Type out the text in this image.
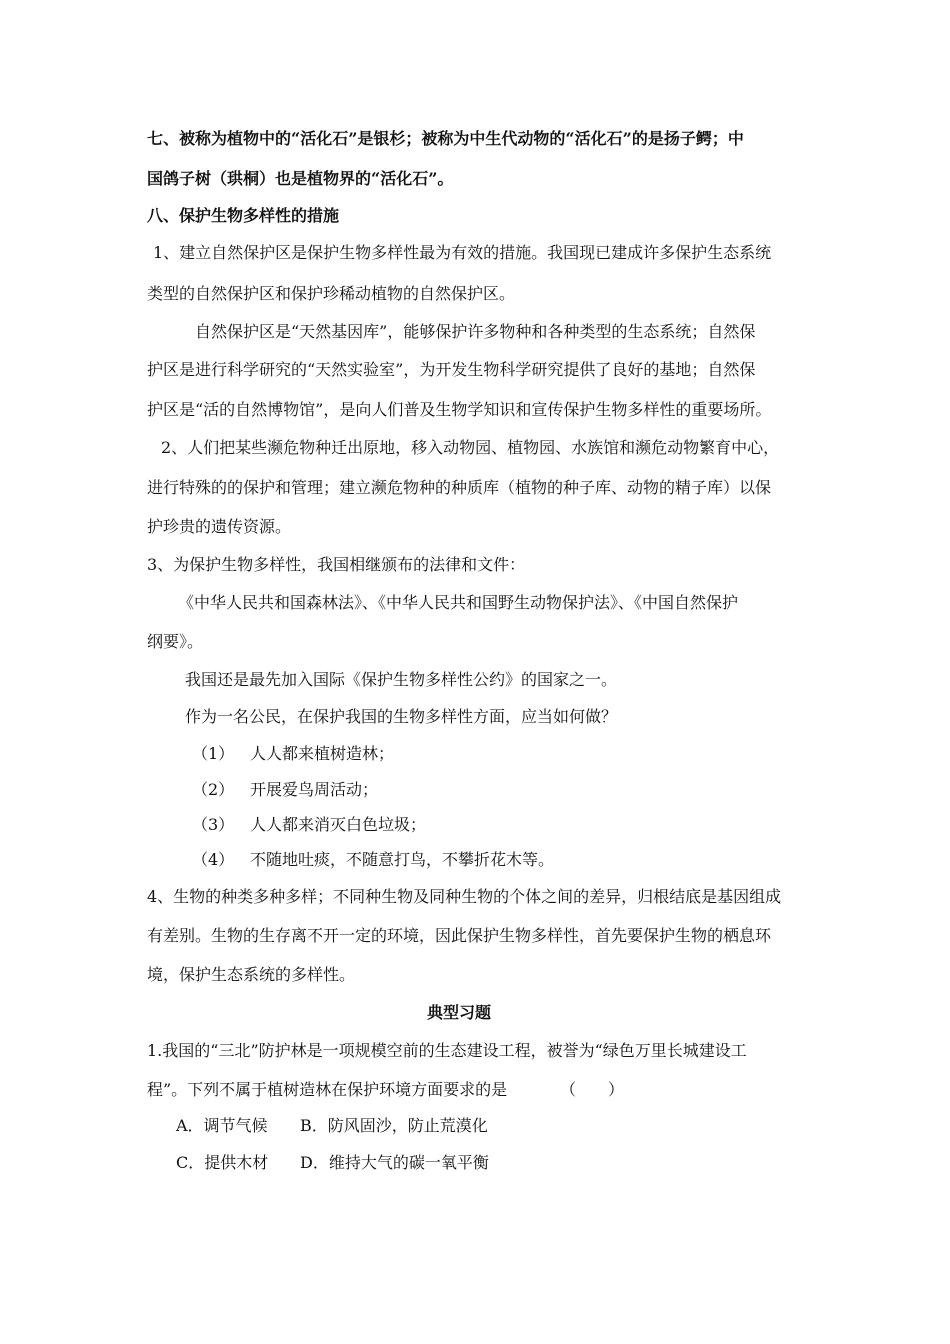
七、被称为植物中的“活化石”是银杉；被称为中生代动物的“活化石”的是扬子鳄；中
国鸽子树（珙桐）也是植物界的“活化石”。
八、保护生物多样性的措施
1、建立自然保护区是保护生物多样性最为有效的措施。我国现已建成许多保护生态系统
类型的自然保护区和保护珍稀动植物的自然保护区。
自然保护区是“天然基因库”，能够保护许多物种和各种类型的生态系统；自然保
护区是进行科学研究的“天然实验室”，为开发生物科学研究提供了良好的基地；自然保
护区是“活的自然博物馆”，是向人们普及生物学知识和宣传保护生物多样性的重要场所。
2、人们把某些濒危物种迁出原地，移入动物园、植物园、水族馆和濒危动物繁育中心，
进行特殊的的保护和管理；建立濒危物种的种质库（植物的种子库、动物的精子库）以保
护珍贵的遗传资源。
3、为保护生物多样性，我国相继颁布的法律和文件：
《中华人民共和国森林法》、《中华人民共和国野生动物保护法》、《中国自然保护
纲要》。
我国还是最先加入国际《保护生物多样性公约》的国家之一。
作为一名公民，在保护我国的生物多样性方面，应当如何做？
（1） 人人都来植树造林；
（2） 开展爱鸟周活动；
（3） 人人都来消灭白色垃圾；
（4） 不随地吐痰，不随意打鸟，不攀折花木等。
4、生物的种类多种多样；不同种生物及同种生物的个体之间的差异，归根结底是基因组成
有差别。生物的生存离不开一定的环境，因此保护生物多样性，首先要保护生物的栖息环
境，保护生态系统的多样性。
典型习题
1.我国的“三北”防护林是一项规模空前的生态建设工程，被誉为“绿色万里长城建设工
程”。下列不属于植树造林在保护环境方面要求的是	（　　）
A．调节气候 B．防风固沙，防止荒漠化
C．提供木材 D．维持大气的碳一氧平衡
